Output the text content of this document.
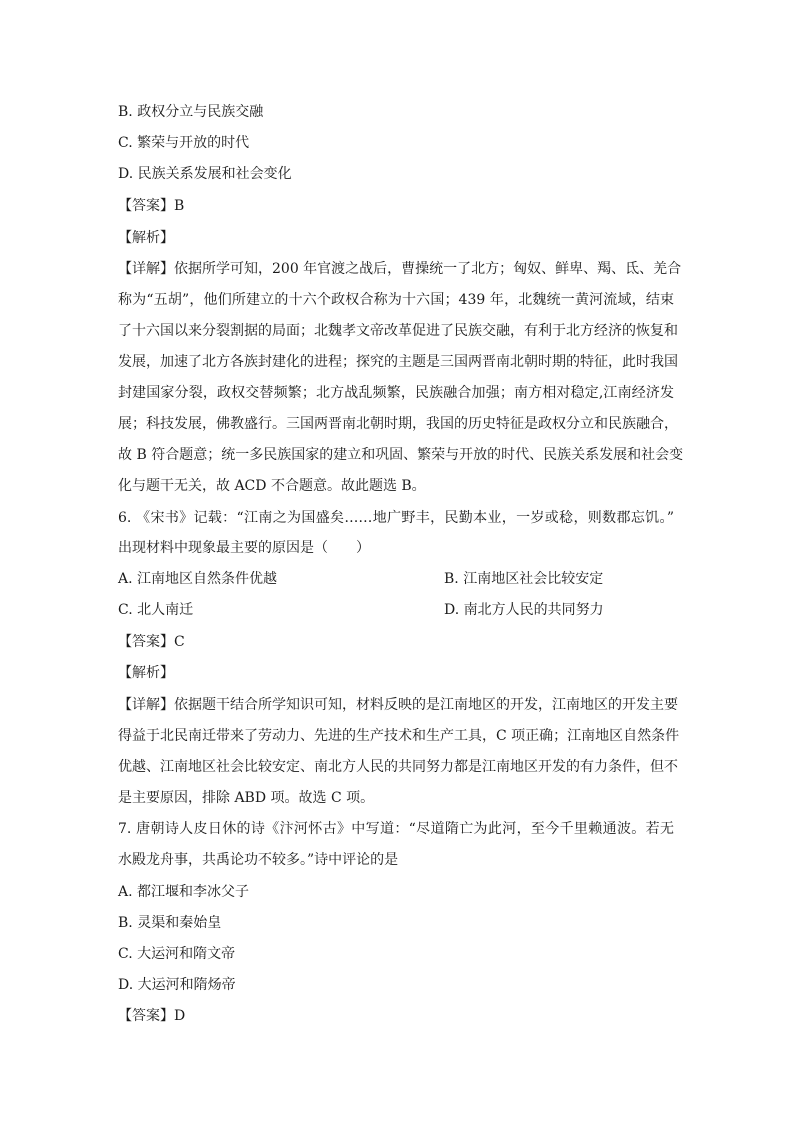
B. 政权分立与民族交融
C. 繁荣与开放的时代
D. 民族关系发展和社会变化
【答案】B
【解析】
【详解】依据所学可知，200 年官渡之战后，曹操统一了北方；匈奴、鲜卑、羯、氐、羌合
称为“五胡”，他们所建立的十六个政权合称为十六国；439 年，北魏统一黄河流域，结束
了十六国以来分裂割据的局面；北魏孝文帝改革促进了民族交融，有利于北方经济的恢复和
发展，加速了北方各族封建化的进程；探究的主题是三国两晋南北朝时期的特征，此时我国
封建国家分裂，政权交替频繁；北方战乱频繁，民族融合加强；南方相对稳定,江南经济发
展；科技发展，佛教盛行。三国两晋南北朝时期，我国的历史特征是政权分立和民族融合，
故 B 符合题意；统一多民族国家的建立和巩固、繁荣与开放的时代、民族关系发展和社会变
化与题干无关，故 ACD 不合题意。故此题选 B。
6. 《宋书》记载：“江南之为国盛矣……地广野丰，民勤本业，一岁或稔，则数郡忘饥。”
出现材料中现象最主要的原因是（　　）
A. 江南地区自然条件优越	B. 江南地区社会比较安定
C. 北人南迁	D. 南北方人民的共同努力
【答案】C
【解析】
【详解】依据题干结合所学知识可知，材料反映的是江南地区的开发，江南地区的开发主要
得益于北民南迁带来了劳动力、先进的生产技术和生产工具，C 项正确；江南地区自然条件
优越、江南地区社会比较安定、南北方人民的共同努力都是江南地区开发的有力条件，但不
是主要原因，排除 ABD 项。故选 C 项。
7. 唐朝诗人皮日休的诗《汴河怀古》中写道：“尽道隋亡为此河，至今千里赖通波。若无
水殿龙舟事，共禹论功不较多。”诗中评论的是
A. 都江堰和李冰父子
B. 灵渠和秦始皇
C. 大运河和隋文帝
D. 大运河和隋炀帝
【答案】D
